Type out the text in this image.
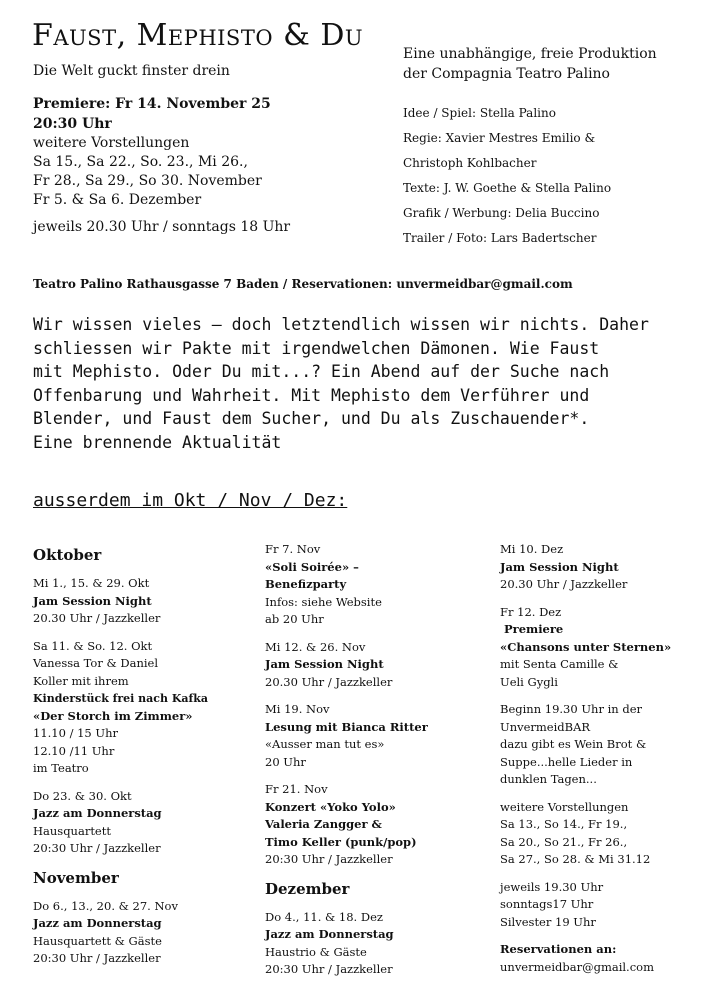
Faust, Mephisto & Du
Die Welt guckt finster drein
Premiere: Fr 14. November 25
20:30 Uhr
weitere Vorstellungen
Sa 15., Sa 22., So. 23., Mi 26.,
Fr 28., Sa 29., So 30. November
Fr 5. & Sa 6. Dezember
jeweils 20.30 Uhr / sonntags 18 Uhr
Eine unabhängige, freie Produktion
der Compagnia Teatro Palino
Idee / Spiel: Stella Palino
Regie: Xavier Mestres Emilio &
Christoph Kohlbacher
Texte: J. W. Goethe & Stella Palino
Grafik / Werbung: Delia Buccino
Trailer / Foto: Lars Badertscher
Teatro Palino Rathausgasse 7 Baden / Reservationen: unvermeidbar@gmail.com
Wir wissen vieles – doch letztendlich wissen wir nichts. Daher
schliessen wir Pakte mit irgendwelchen Dämonen. Wie Faust
mit Mephisto. Oder Du mit...? Ein Abend auf der Suche nach
Offenbarung und Wahrheit. Mit Mephisto dem Verführer und
Blender, und Faust dem Sucher, und Du als Zuschauender*.
Eine brennende Aktualität
ausserdem im Okt / Nov / Dez:
Oktober
Mi 1., 15. & 29. Okt
Jam Session Night
20.30 Uhr / Jazzkeller
Sa 11. & So. 12. Okt
Vanessa Tor & Daniel
Koller mit ihrem
Kinderstück frei nach Kafka
«Der Storch im Zimmer»
11.10 / 15 Uhr
12.10 /11 Uhr
im Teatro
Do 23. & 30. Okt
Jazz am Donnerstag
Hausquartett
20:30 Uhr / Jazzkeller
November
Do 6., 13., 20. & 27. Nov
Jazz am Donnerstag
Hausquartett & Gäste
20:30 Uhr / Jazzkeller
Fr 7. Nov
«Soli Soirée» –
Benefizparty
Infos: siehe Website
ab 20 Uhr
Mi 12. & 26. Nov
Jam Session Night
20.30 Uhr / Jazzkeller
Mi 19. Nov
Lesung mit Bianca Ritter
«Ausser man tut es»
20 Uhr
Fr 21. Nov
Konzert «Yoko Yolo»
Valeria Zangger &
Timo Keller (punk/pop)
20:30 Uhr / Jazzkeller
Dezember
Do 4., 11. & 18. Dez
Jazz am Donnerstag
Haustrio & Gäste
20:30 Uhr / Jazzkeller
Mi 10. Dez
Jam Session Night
20.30 Uhr / Jazzkeller
Fr 12. Dez
Premiere
«Chansons unter Sternen»
mit Senta Camille &
Ueli Gygli
Beginn 19.30 Uhr in der
UnvermeidBAR
dazu gibt es Wein Brot &
Suppe...helle Lieder in
dunklen Tagen...
weitere Vorstellungen
Sa 13., So 14., Fr 19.,
Sa 20., So 21., Fr 26.,
Sa 27., So 28. & Mi 31.12
jeweils 19.30 Uhr
sonntags17 Uhr
Silvester 19 Uhr
Reservationen an:
unvermeidbar@gmail.com
